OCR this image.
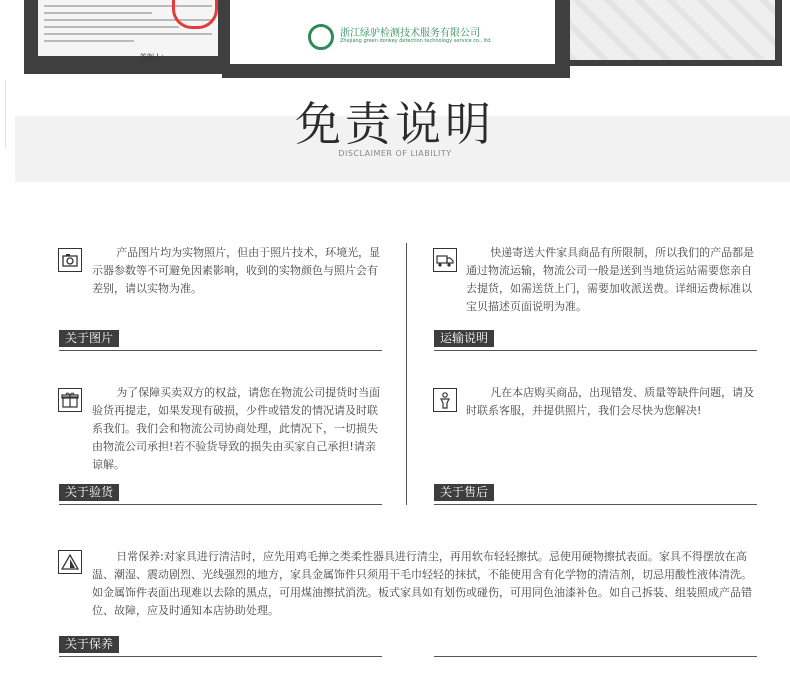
签制人：
浙江绿驴检测技术服务有限公司
Zhejiang green donkey detection technology service co., ltd.
免责说明
DISCLAIMER OF LIABILITY

产品图片均为实物照片，但由于照片技术，环境光，显示器参数等不可避免因素影响，收到的实物颜色与照片会有差别，请以实物为准。

关于图片

快递寄送大件家具商品有所限制，所以我们的产品都是通过物流运输，物流公司一般是送到当地货运站需要您亲自去提货，如需送货上门，需要加收派送费。详细运费标准以宝贝描述页面说明为准。

运输说明

为了保障买卖双方的权益，请您在物流公司提货时当面验货再提走，如果发现有破损，少件或错发的情况请及时联系我们。我们会和物流公司协商处理，此情况下，一切损失由物流公司承担!若不验货导致的损失由买家自己承担!请亲谅解。

关于验货

凡在本店购买商品，出现错发、质量等缺件问题，请及时联系客服，并提供照片，我们会尽快为您解决!

关于售后

日常保养:对家具进行清洁时，应先用鸡毛掸之类柔性器具进行清尘，再用软布轻轻擦拭。忌使用硬物擦拭表面。家具不得摆放在高温、潮湿、震动剧烈、光线强烈的地方，家具金属饰件只须用干毛巾轻轻的抹拭，不能使用含有化学物的清洁剂，切忌用酸性液体清洗。如金属饰件表面出现难以去除的黑点，可用煤油擦拭消洗。板式家具如有划伤或碰伤，可用同色油漆补色。如自己拆装、组装照成产品错位、故障，应及时通知本店协助处理。

关于保养
